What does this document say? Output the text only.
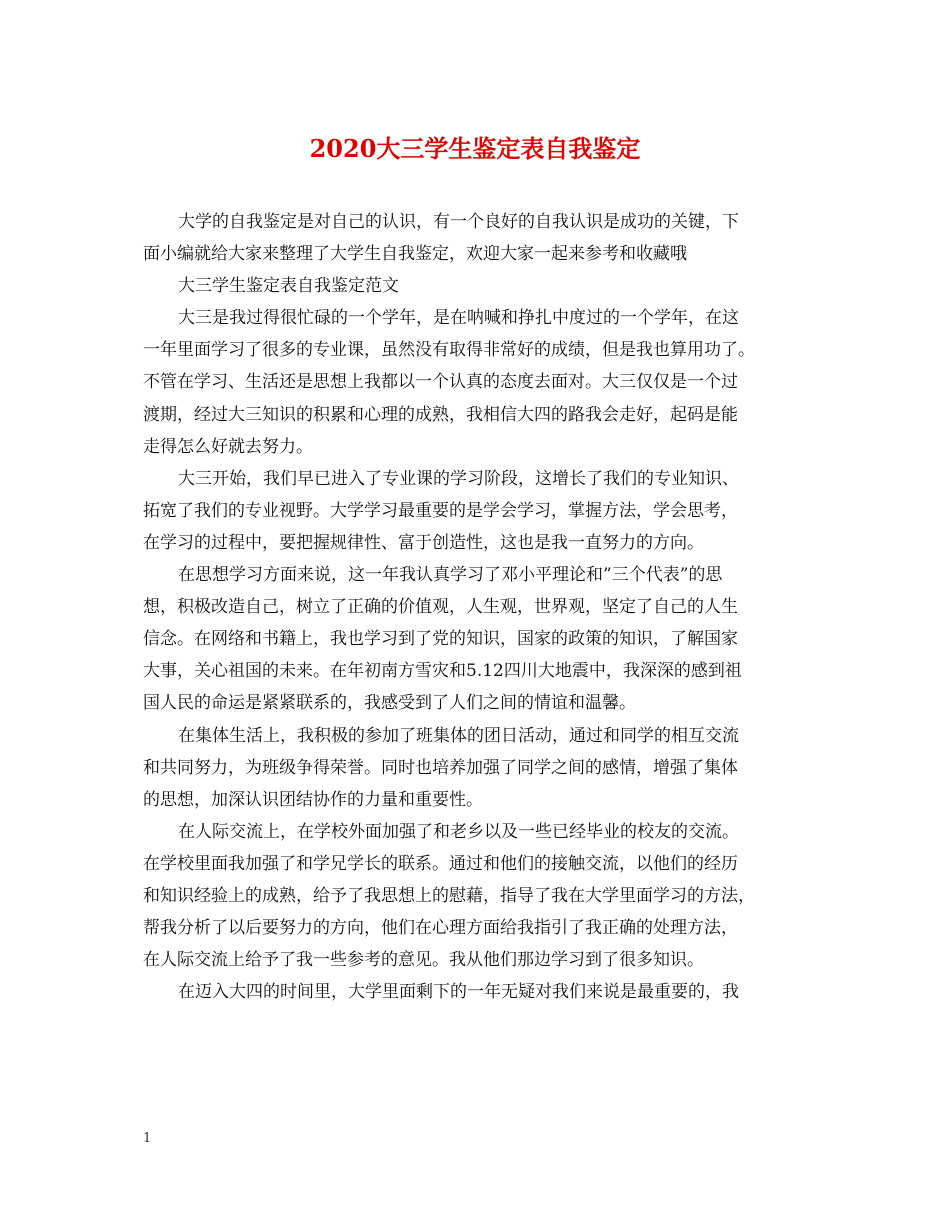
2020大三学生鉴定表自我鉴定

大学的自我鉴定是对自己的认识，有一个良好的自我认识是成功的关键，下

面小编就给大家来整理了大学生自我鉴定，欢迎大家一起来参考和收藏哦

大三学生鉴定表自我鉴定范文

大三是我过得很忙碌的一个学年，是在呐喊和挣扎中度过的一个学年，在这

一年里面学习了很多的专业课，虽然没有取得非常好的成绩，但是我也算用功了。

不管在学习、生活还是思想上我都以一个认真的态度去面对。大三仅仅是一个过

渡期，经过大三知识的积累和心理的成熟，我相信大四的路我会走好，起码是能

走得怎么好就去努力。

大三开始，我们早已进入了专业课的学习阶段，这增长了我们的专业知识、

拓宽了我们的专业视野。大学学习最重要的是学会学习，掌握方法，学会思考，

在学习的过程中，要把握规律性、富于创造性，这也是我一直努力的方向。

在思想学习方面来说，这一年我认真学习了邓小平理论和”三个代表”的思

想，积极改造自己，树立了正确的价值观，人生观，世界观，坚定了自己的人生

信念。在网络和书籍上，我也学习到了党的知识，国家的政策的知识，了解国家

大事，关心祖国的未来。在年初南方雪灾和5.12四川大地震中，我深深的感到祖

国人民的命运是紧紧联系的，我感受到了人们之间的情谊和温馨。

在集体生活上，我积极的参加了班集体的团日活动，通过和同学的相互交流

和共同努力，为班级争得荣誉。同时也培养加强了同学之间的感情，增强了集体

的思想，加深认识团结协作的力量和重要性。

在人际交流上，在学校外面加强了和老乡以及一些已经毕业的校友的交流。

在学校里面我加强了和学兄学长的联系。通过和他们的接触交流，以他们的经历

和知识经验上的成熟，给予了我思想上的慰藉，指导了我在大学里面学习的方法，

帮我分析了以后要努力的方向，他们在心理方面给我指引了我正确的处理方法，

在人际交流上给予了我一些参考的意见。我从他们那边学习到了很多知识。

在迈入大四的时间里，大学里面剩下的一年无疑对我们来说是最重要的，我

1
